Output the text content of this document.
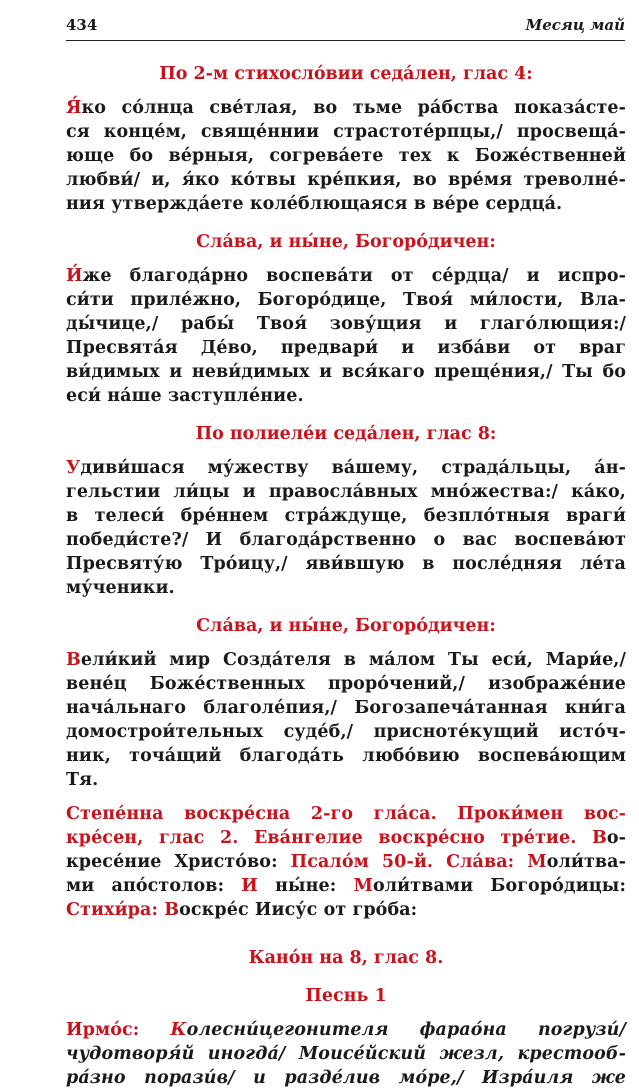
434	Месяц май

По 2-м стихосло́вии седа́лен, глас 4:

Я́ко со́лнца све́тлая, во тьме ра́бства показа́сте-
ся конце́м, свяще́ннии страстоте́рпцы,/ просвеща́-
юще бо ве́рныя, согрева́ете тех к Боже́ственней
любви́/ и, я́ко ко́твы кре́пкия, во вре́мя треволне́-
ния утвержда́ете коле́блющаяся в ве́ре сердца́.

Сла́ва, и ны́не, Богоро́дичен:

И́же благода́рно воспева́ти от се́рдца/ и испро-
си́ти приле́жно, Богоро́дице, Твоя́ ми́лости, Вла-
ды́чице,/ рабы́ Твоя́ зову́щия и глаго́лющия:/
Пресвята́я Де́во, предвари́ и изба́ви от враг
ви́димых и неви́димых и вся́каго преще́ния,/ Ты бо
еси́ на́ше заступле́ние.

По полиеле́и седа́лен, глас 8:

Удиви́шася му́жеству ва́шему, страда́льцы, а́н-
гельстии ли́цы и правосла́вных мно́жества:/ ка́ко,
в телеси́ бре́ннем стра́ждуще, безпло́тныя враги́
победи́сте?/ И благода́рственно о вас воспева́ют
Пресвяту́ю Тро́ицу,/ яви́вшую в после́дняя ле́та
му́ченики.

Сла́ва, и ны́не, Богоро́дичен:

Вели́кий мир Созда́теля в ма́лом Ты еси́, Мари́е,/
вене́ц Боже́ственных проро́чений,/ изображе́ние
нача́льнаго благоле́пия,/ Богозапеча́танная кни́га
домострои́тельных суде́б,/ присноте́кущий исто́ч-
ник, точа́щий благода́ть любо́вию воспева́ющим
Тя.
Степе́нна воскре́сна 2-го гла́са. Проки́мен вос-
кре́сен, глас 2. Ева́нгелие воскре́сно тре́тие. Во-
кресе́ние Христо́во: Псало́м 50-й. Сла́ва: Моли́тва-
ми апо́столов: И ны́не: Моли́твами Богоро́дицы:
Стихи́ра: Воскре́с Иису́с от гро́ба:

Кано́н на 8, глас 8.

Песнь 1

Ирмо́с: Колесни́цегонителя фарао́на погрузи́/
чудотворя́й иногда́/ Моисе́йский жезл, крестооб-
ра́зно порази́в/ и разде́лив мо́ре,/ Изра́иля же
